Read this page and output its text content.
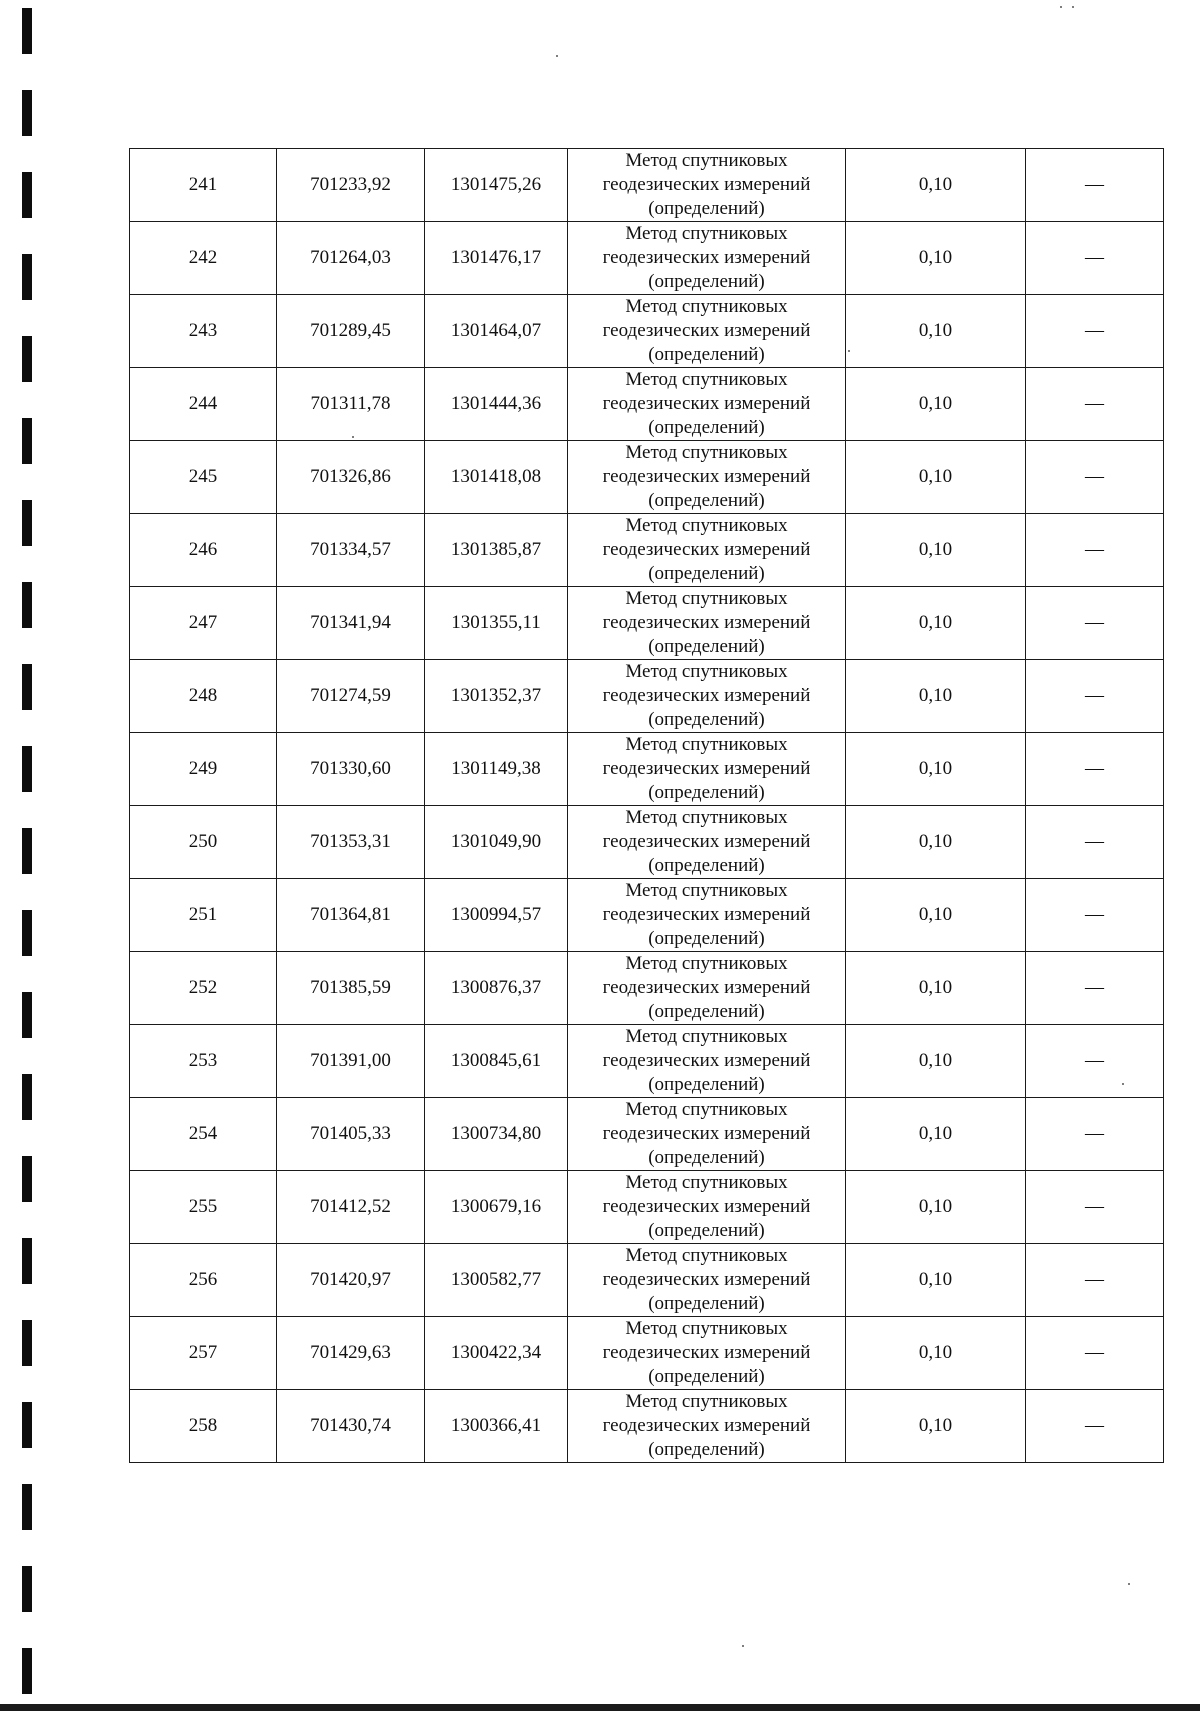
241	701233,92	1301475,26	Метод спутниковых
геодезических измерений
(определений)	0,10	—
242	701264,03	1301476,17	Метод спутниковых
геодезических измерений
(определений)	0,10	—
243	701289,45	1301464,07	Метод спутниковых
геодезических измерений
(определений)	0,10	—
244	701311,78	1301444,36	Метод спутниковых
геодезических измерений
(определений)	0,10	—
245	701326,86	1301418,08	Метод спутниковых
геодезических измерений
(определений)	0,10	—
246	701334,57	1301385,87	Метод спутниковых
геодезических измерений
(определений)	0,10	—
247	701341,94	1301355,11	Метод спутниковых
геодезических измерений
(определений)	0,10	—
248	701274,59	1301352,37	Метод спутниковых
геодезических измерений
(определений)	0,10	—
249	701330,60	1301149,38	Метод спутниковых
геодезических измерений
(определений)	0,10	—
250	701353,31	1301049,90	Метод спутниковых
геодезических измерений
(определений)	0,10	—
251	701364,81	1300994,57	Метод спутниковых
геодезических измерений
(определений)	0,10	—
252	701385,59	1300876,37	Метод спутниковых
геодезических измерений
(определений)	0,10	—
253	701391,00	1300845,61	Метод спутниковых
геодезических измерений
(определений)	0,10	—
254	701405,33	1300734,80	Метод спутниковых
геодезических измерений
(определений)	0,10	—
255	701412,52	1300679,16	Метод спутниковых
геодезических измерений
(определений)	0,10	—
256	701420,97	1300582,77	Метод спутниковых
геодезических измерений
(определений)	0,10	—
257	701429,63	1300422,34	Метод спутниковых
геодезических измерений
(определений)	0,10	—
258	701430,74	1300366,41	Метод спутниковых
геодезических измерений
(определений)	0,10	—
